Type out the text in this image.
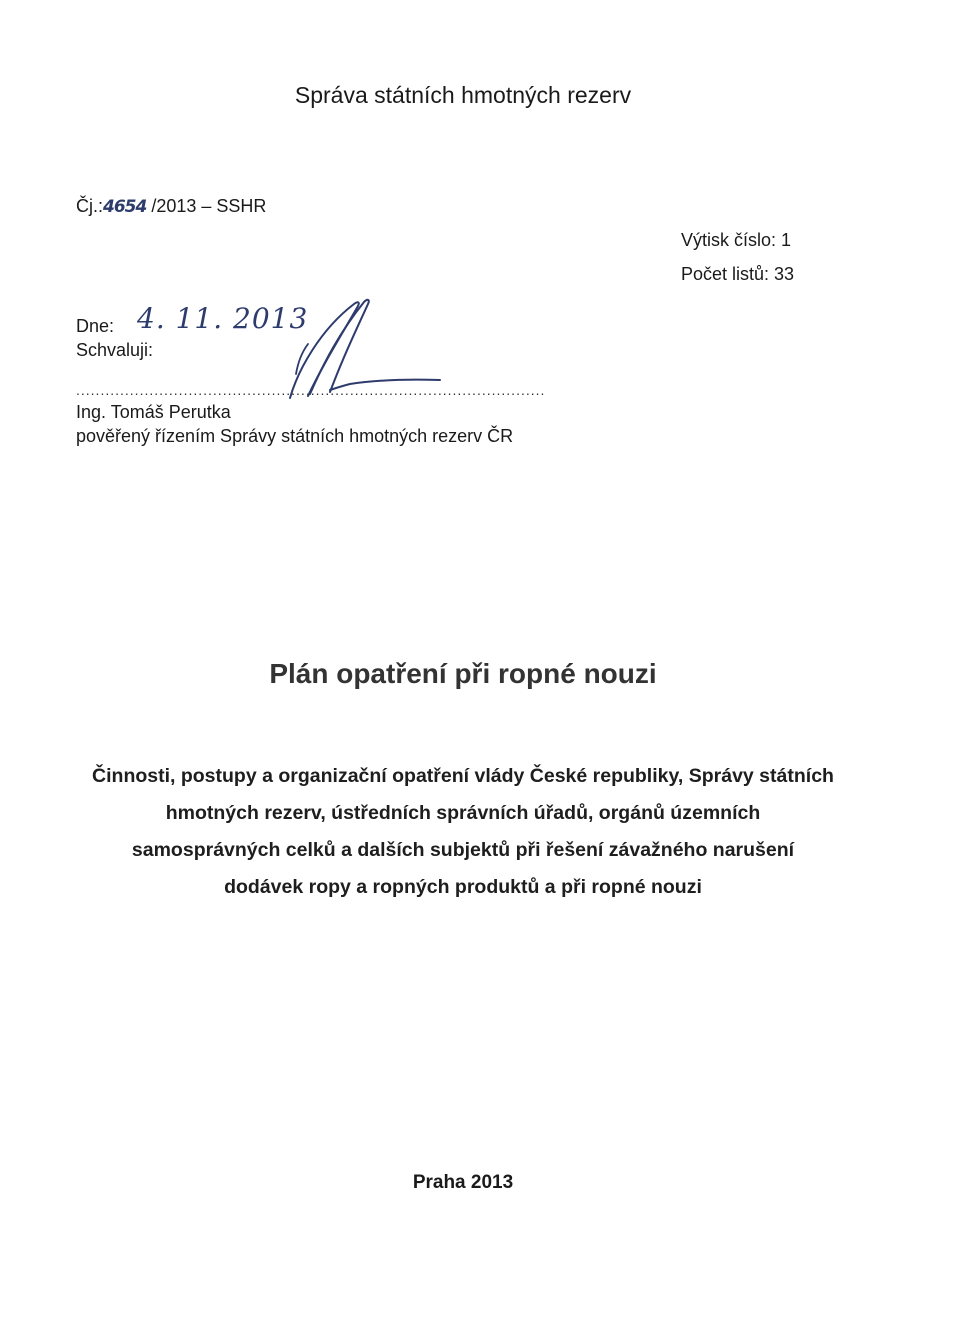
Správa státních hmotných rezerv
Čj.:4654 /2013 – SSHR
Výtisk číslo: 1
Počet listů: 33
Dne: 4. 11. 2013
Schvaluji:
................................................................................................
Ing. Tomáš Perutka
pověřený řízením Správy státních hmotných rezerv ČR
Plán opatření při ropné nouzi
Činnosti, postupy a organizační opatření vlády České republiky, Správy státních hmotných rezerv, ústředních správních úřadů, orgánů územních samosprávných celků a dalších subjektů při řešení závažného narušení dodávek ropy a ropných produktů a při ropné nouzi
Praha 2013
